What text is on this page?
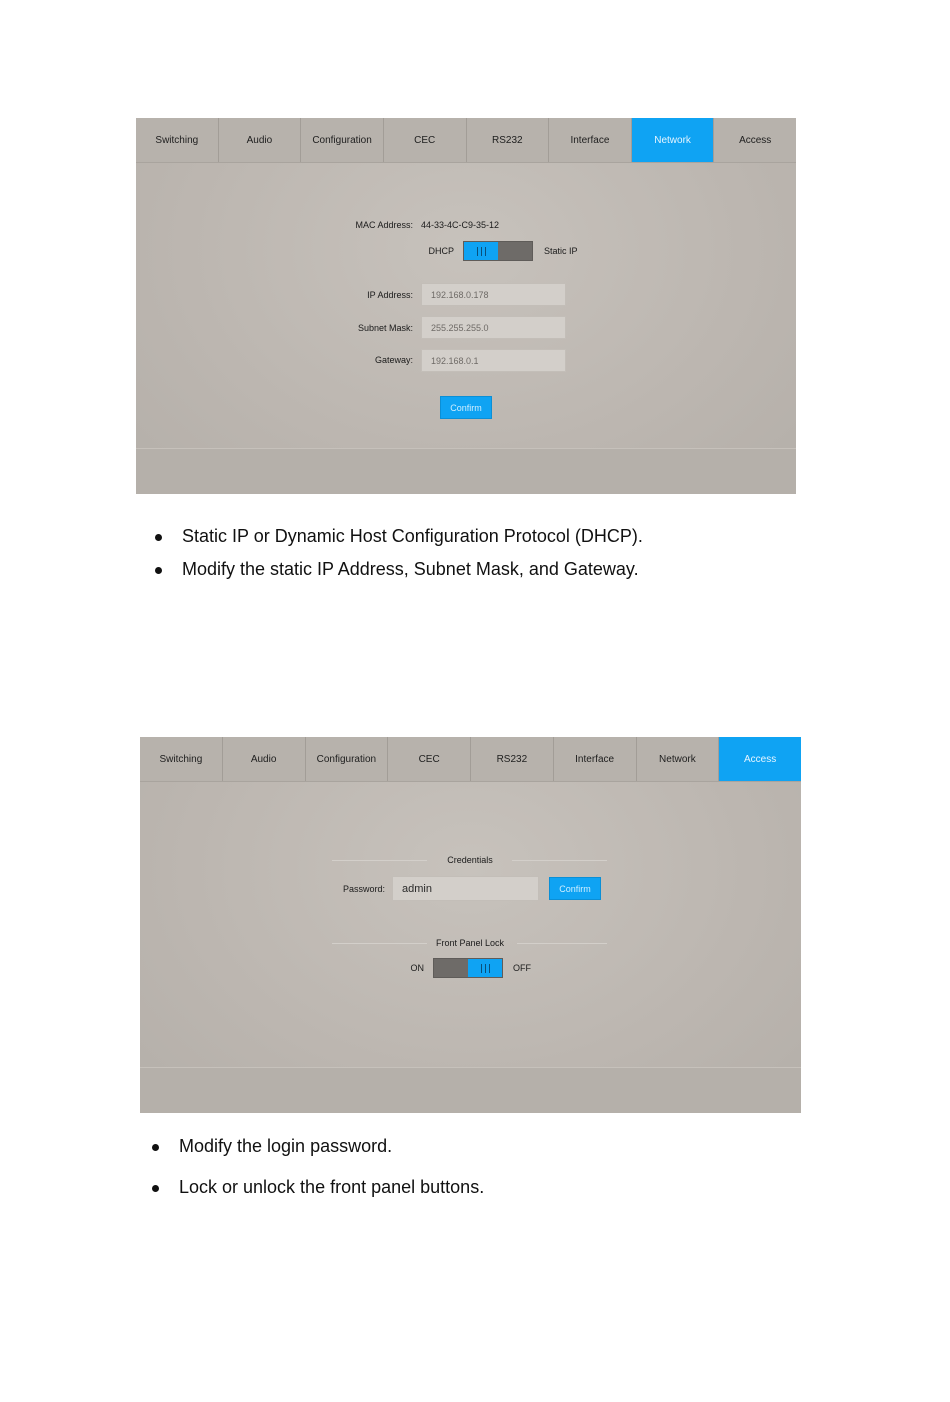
Switching	Audio	Configuration	CEC	RS232	Interface	Network	Access
MAC Address: 44-33-4C-C9-35-12
DHCP	Static IP
IP Address:	192.168.0.178
Subnet Mask:	255.255.255.0
Gateway:	192.168.0.1
Confirm
Static IP or Dynamic Host Configuration Protocol (DHCP).
Modify the static IP Address, Subnet Mask, and Gateway.
Switching	Audio	Configuration	CEC	RS232	Interface	Network	Access
Credentials
Password:	admin	Confirm
Front Panel Lock
ON	OFF
Modify the login password.
Lock or unlock the front panel buttons.
